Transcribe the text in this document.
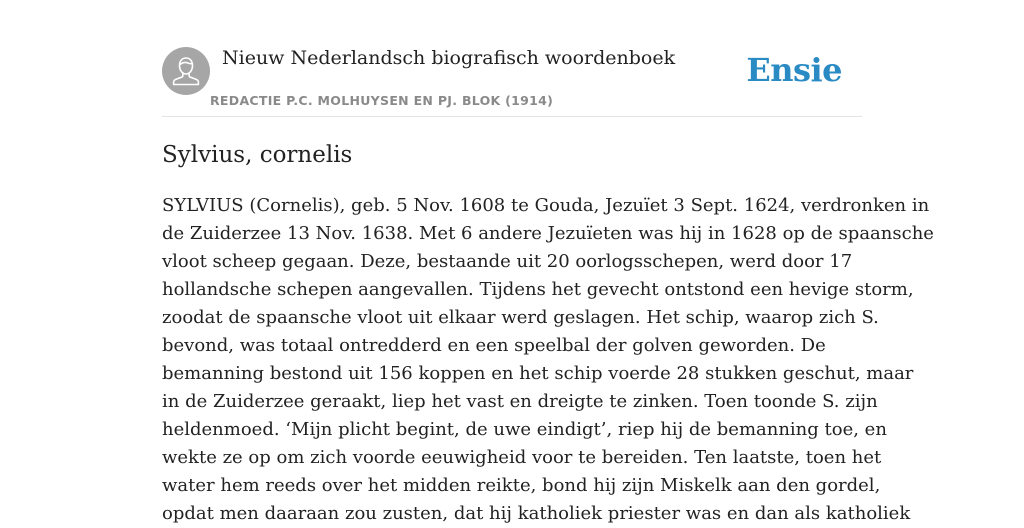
Nieuw Nederlandsch biografisch woordenboek
REDACTIE P.C. MOLHUYSEN EN PJ. BLOK (1914)
Ensie
Sylvius, cornelis
SYLVIUS (Cornelis), geb. 5 Nov. 1608 te Gouda, Jezuïet 3 Sept. 1624, verdronken in
de Zuiderzee 13 Nov. 1638. Met 6 andere Jezuïeten was hij in 1628 op de spaansche
vloot scheep gegaan. Deze, bestaande uit 20 oorlogsschepen, werd door 17
hollandsche schepen aangevallen. Tijdens het gevecht ontstond een hevige storm,
zoodat de spaansche vloot uit elkaar werd geslagen. Het schip, waarop zich S.
bevond, was totaal ontredderd en een speelbal der golven geworden. De
bemanning bestond uit 156 koppen en het schip voerde 28 stukken geschut, maar
in de Zuiderzee geraakt, liep het vast en dreigte te zinken. Toen toonde S. zijn
heldenmoed. ‘Mijn plicht begint, de uwe eindigt’, riep hij de bemanning toe, en
wekte ze op om zich voorde eeuwigheid voor te bereiden. Ten laatste, toen het
water hem reeds over het midden reikte, bond hij zijn Miskelk aan den gordel,
opdat men daaraan zou zusten, dat hij katholiek priester was en dan als katholiek
